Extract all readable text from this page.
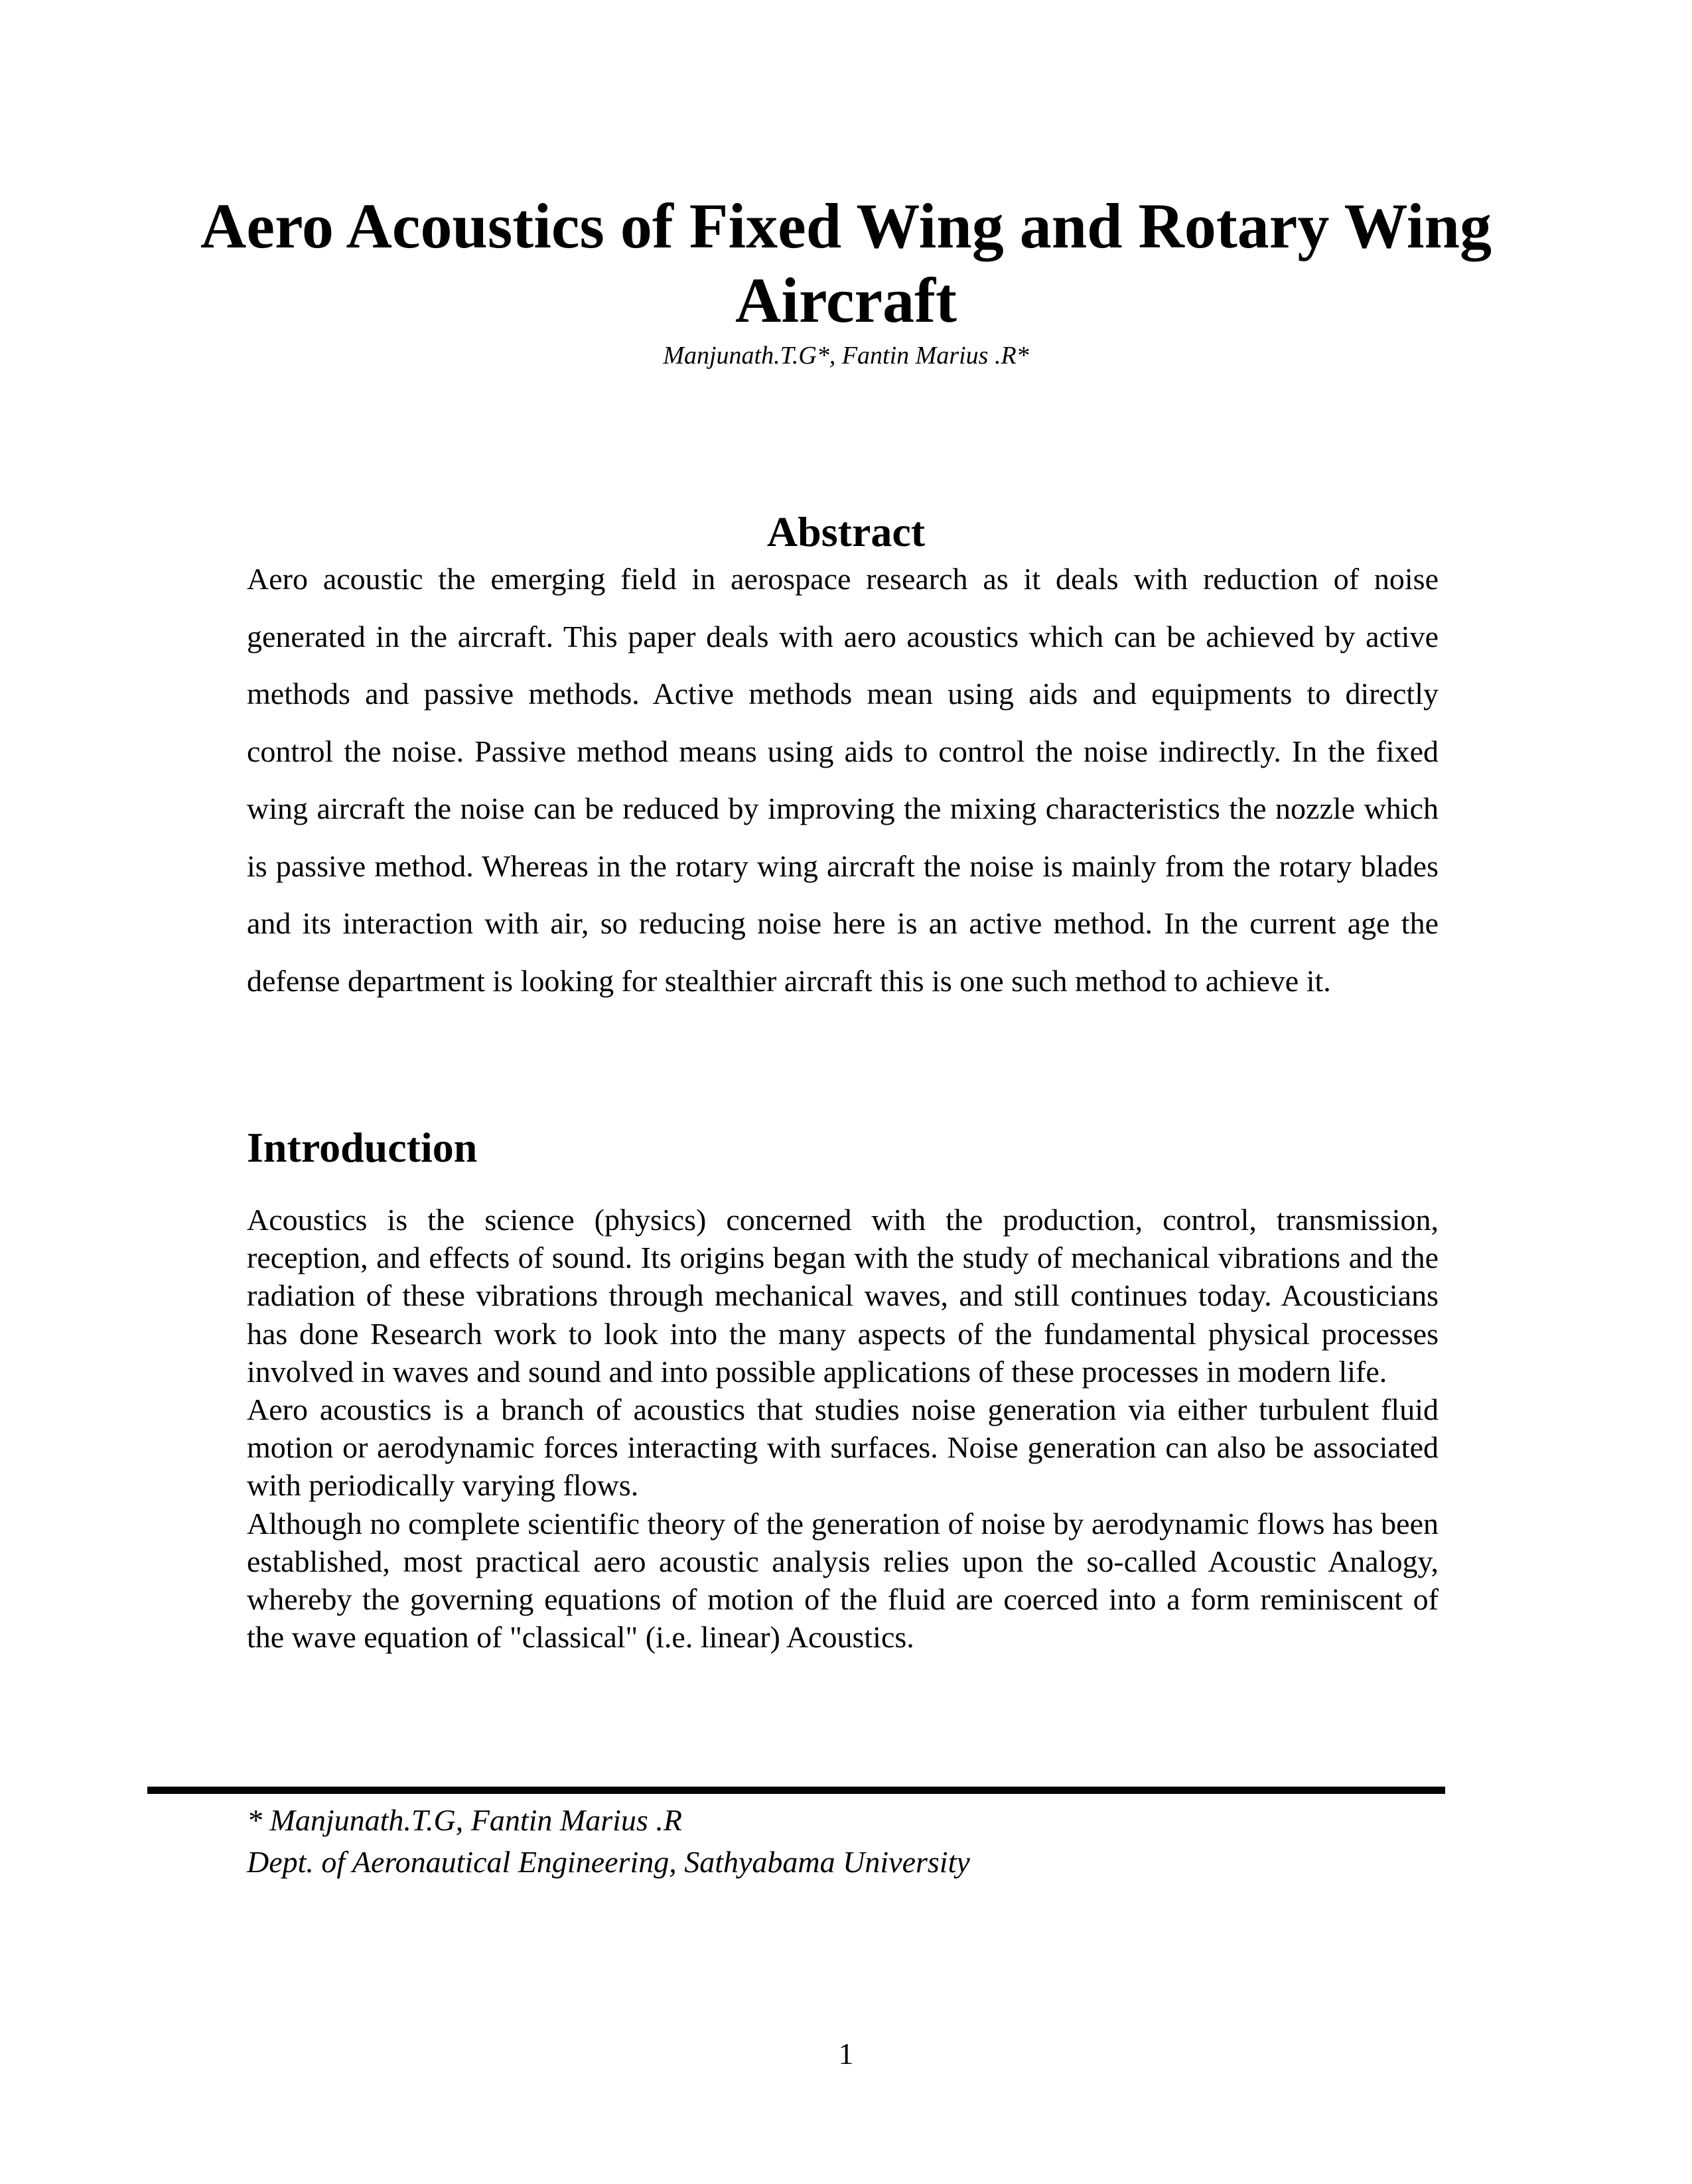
Aero Acoustics of Fixed Wing and Rotary Wing Aircraft
Manjunath.T.G*, Fantin Marius .R*
Abstract

Aero acoustic the emerging field in aerospace research as it deals with reduction of noise generated in the aircraft. This paper deals with aero acoustics which can be achieved by active methods and passive methods. Active methods mean using aids and equipments to directly control the noise. Passive method means using aids to control the noise indirectly. In the fixed wing aircraft the noise can be reduced by improving the mixing characteristics the nozzle which is passive method. Whereas in the rotary wing aircraft the noise is mainly from the rotary blades and its interaction with air, so reducing noise here is an active method. In the current age the defense department is looking for stealthier aircraft this is one such method to achieve it.

Introduction

Acoustics is the science (physics) concerned with the production, control, transmission, reception, and effects of sound. Its origins began with the study of mechanical vibrations and the radiation of these vibrations through mechanical waves, and still continues today. Acousticians has done Research work to look into the many aspects of the fundamental physical processes involved in waves and sound and into possible applications of these processes in modern life.

Aero acoustics is a branch of acoustics that studies noise generation via either turbulent fluid motion or aerodynamic forces interacting with surfaces. Noise generation can also be associated with periodically varying flows.

Although no complete scientific theory of the generation of noise by aerodynamic flows has been established, most practical aero acoustic analysis relies upon the so-called Acoustic Analogy, whereby the governing equations of motion of the fluid are coerced into a form reminiscent of the wave equation of "classical" (i.e. linear) Acoustics.

* Manjunath.T.G, Fantin Marius .R
Dept. of Aeronautical Engineering, Sathyabama University
1
